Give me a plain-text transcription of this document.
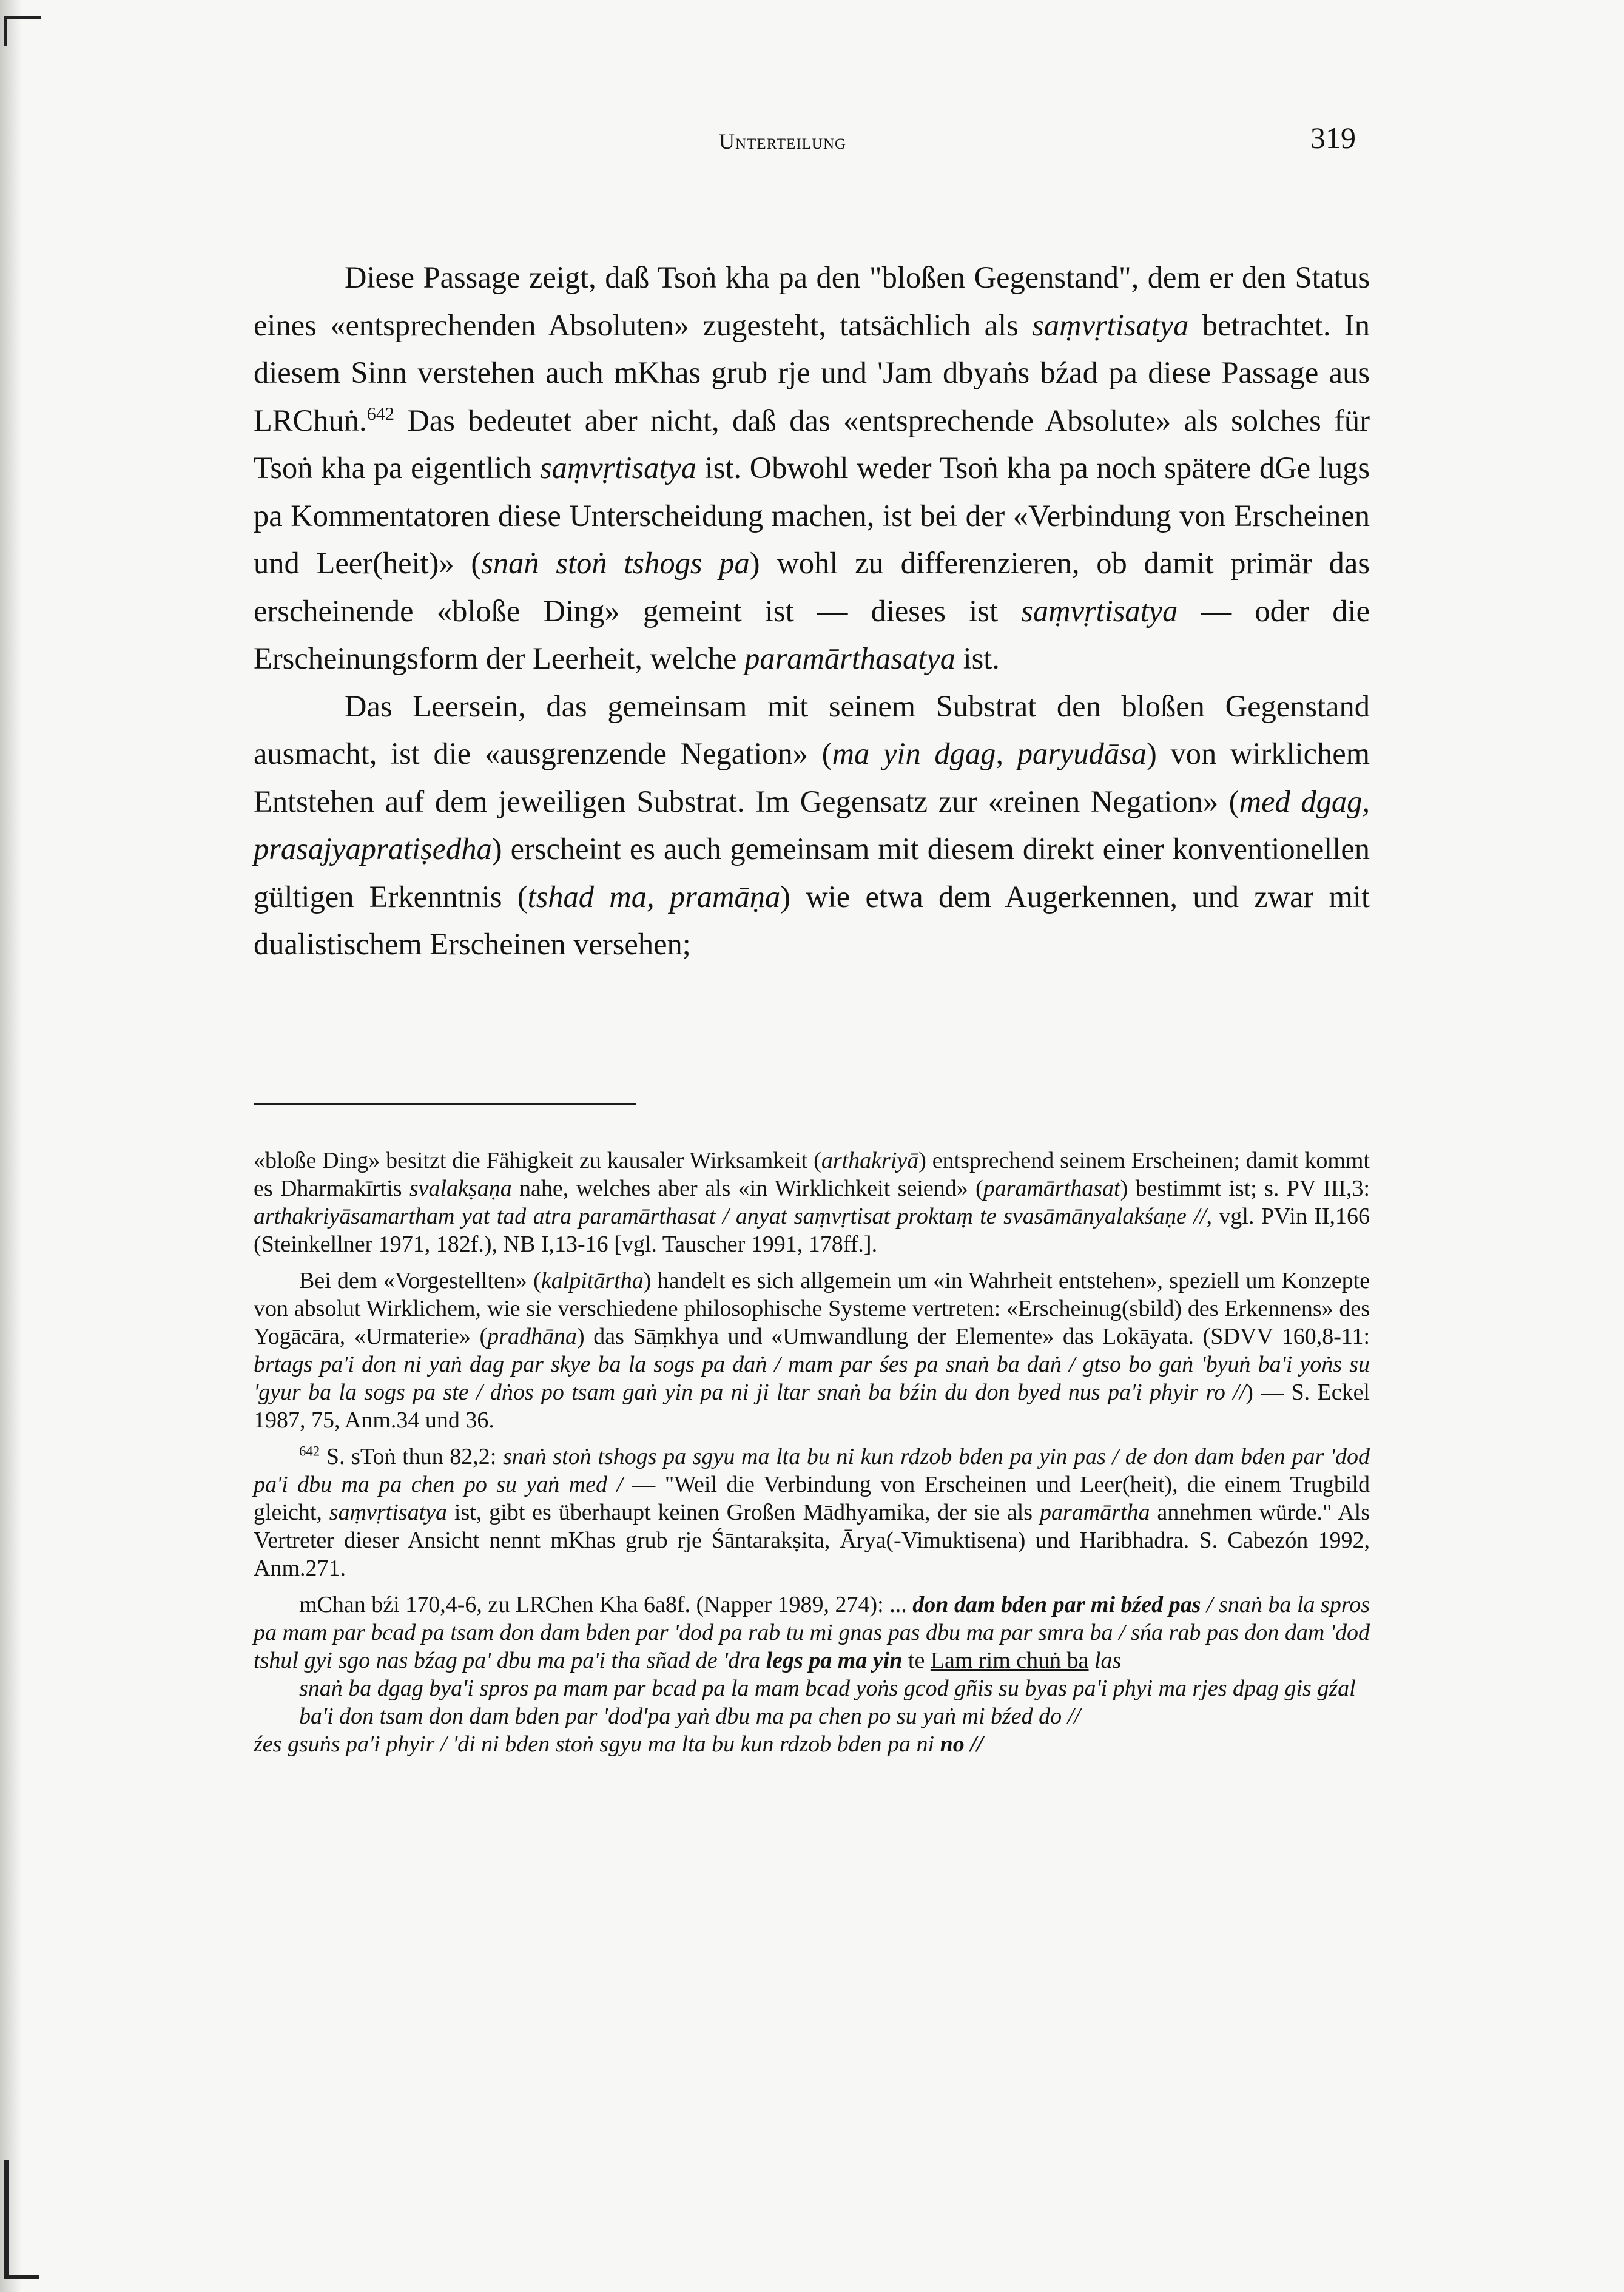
Unterteilung	319

Diese Passage zeigt, daß Tsoṅ kha pa den "bloßen Gegenstand", dem er den Status eines «entsprechenden Absoluten» zugesteht, tatsächlich als saṃvṛtisatya betrachtet. In diesem Sinn verstehen auch mKhas grub rje und 'Jam dbyaṅs bźad pa diese Passage aus LRChuṅ.$^{642}$ Das bedeutet aber nicht, daß das «entsprechende Absolute» als solches für Tsoṅ kha pa eigentlich saṃvṛtisatya ist. Obwohl weder Tsoṅ kha pa noch spätere dGe lugs pa Kommentatoren diese Unterscheidung machen, ist bei der «Verbindung von Erscheinen und Leer(heit)» (snaṅ stoṅ tshogs pa) wohl zu differenzieren, ob damit primär das erscheinende «bloße Ding» gemeint ist — dieses ist saṃvṛtisatya — oder die Erscheinungsform der Leerheit, welche paramārthasatya ist.

Das Leersein, das gemeinsam mit seinem Substrat den bloßen Gegenstand ausmacht, ist die «ausgrenzende Negation» (ma yin dgag, paryudāsa) von wirklichem Entstehen auf dem jeweiligen Substrat. Im Gegensatz zur «reinen Negation» (med dgag, prasajyapratiṣedha) erscheint es auch gemeinsam mit diesem direkt einer konventionellen gültigen Erkenntnis (tshad ma, pramāṇa) wie etwa dem Augerkennen, und zwar mit dualistischem Erscheinen versehen;

«bloße Ding» besitzt die Fähigkeit zu kausaler Wirksamkeit (arthakriyā) entsprechend seinem Erscheinen; damit kommt es Dharmakīrtis svalakṣaṇa nahe, welches aber als «in Wirklichkeit seiend» (paramārthasat) bestimmt ist; s. PV III,3: arthakriyāsamartham yat tad atra paramārthasat / anyat saṃvṛtisat proktaṃ te svasāmānyalakśaṇe //, vgl. PVin II,166 (Steinkellner 1971, 182f.), NB I,13-16 [vgl. Tauscher 1991, 178ff.].

Bei dem «Vorgestellten» (kalpitārtha) handelt es sich allgemein um «in Wahrheit entstehen», speziell um Konzepte von absolut Wirklichem, wie sie verschiedene philosophische Systeme vertreten: «Erscheinug(sbild) des Erkennens» des Yogācāra, «Urmaterie» (pradhāna) das Sāṃkhya und «Umwandlung der Elemente» das Lokāyata. (SDVV 160,8-11: brtags pa'i don ni yaṅ dag par skye ba la sogs pa daṅ / mam par śes pa snaṅ ba daṅ / gtso bo gaṅ 'byuṅ ba'i yoṅs su 'gyur ba la sogs pa ste / dṅos po tsam gaṅ yin pa ni ji ltar snaṅ ba bźin du don byed nus pa'i phyir ro //) — S. Eckel 1987, 75, Anm.34 und 36.

$^{642}$ S. sToṅ thun 82,2: snaṅ stoṅ tshogs pa sgyu ma lta bu ni kun rdzob bden pa yin pas / de don dam bden par 'dod pa'i dbu ma pa chen po su yaṅ med / — "Weil die Verbindung von Erscheinen und Leer(heit), die einem Trugbild gleicht, saṃvṛtisatya ist, gibt es überhaupt keinen Großen Mādhyamika, der sie als paramārtha annehmen würde." Als Vertreter dieser Ansicht nennt mKhas grub rje Śāntarakṣita, Ārya(-Vimuktisena) und Haribhadra. S. Cabezón 1992, Anm.271.

mChan bźi 170,4-6, zu LRChen Kha 6a8f. (Napper 1989, 274): ... don dam bden par mi bźed pas / snaṅ ba la spros pa mam par bcad pa tsam don dam bden par 'dod pa rab tu mi gnas pas dbu ma par smra ba / sńa rab pas don dam 'dod tshul gyi sgo nas bźag pa' dbu ma pa'i tha sñad de 'dra legs pa ma yin te Lam rim chuṅ ba las

snaṅ ba dgag bya'i spros pa mam par bcad pa la mam bcad yoṅs gcod gñis su byas pa'i phyi ma rjes dpag gis gźal ba'i don tsam don dam bden par 'dod'pa yaṅ dbu ma pa chen po su yaṅ mi bźed do //

źes gsuṅs pa'i phyir / 'di ni bden stoṅ sgyu ma lta bu kun rdzob bden pa ni no //
